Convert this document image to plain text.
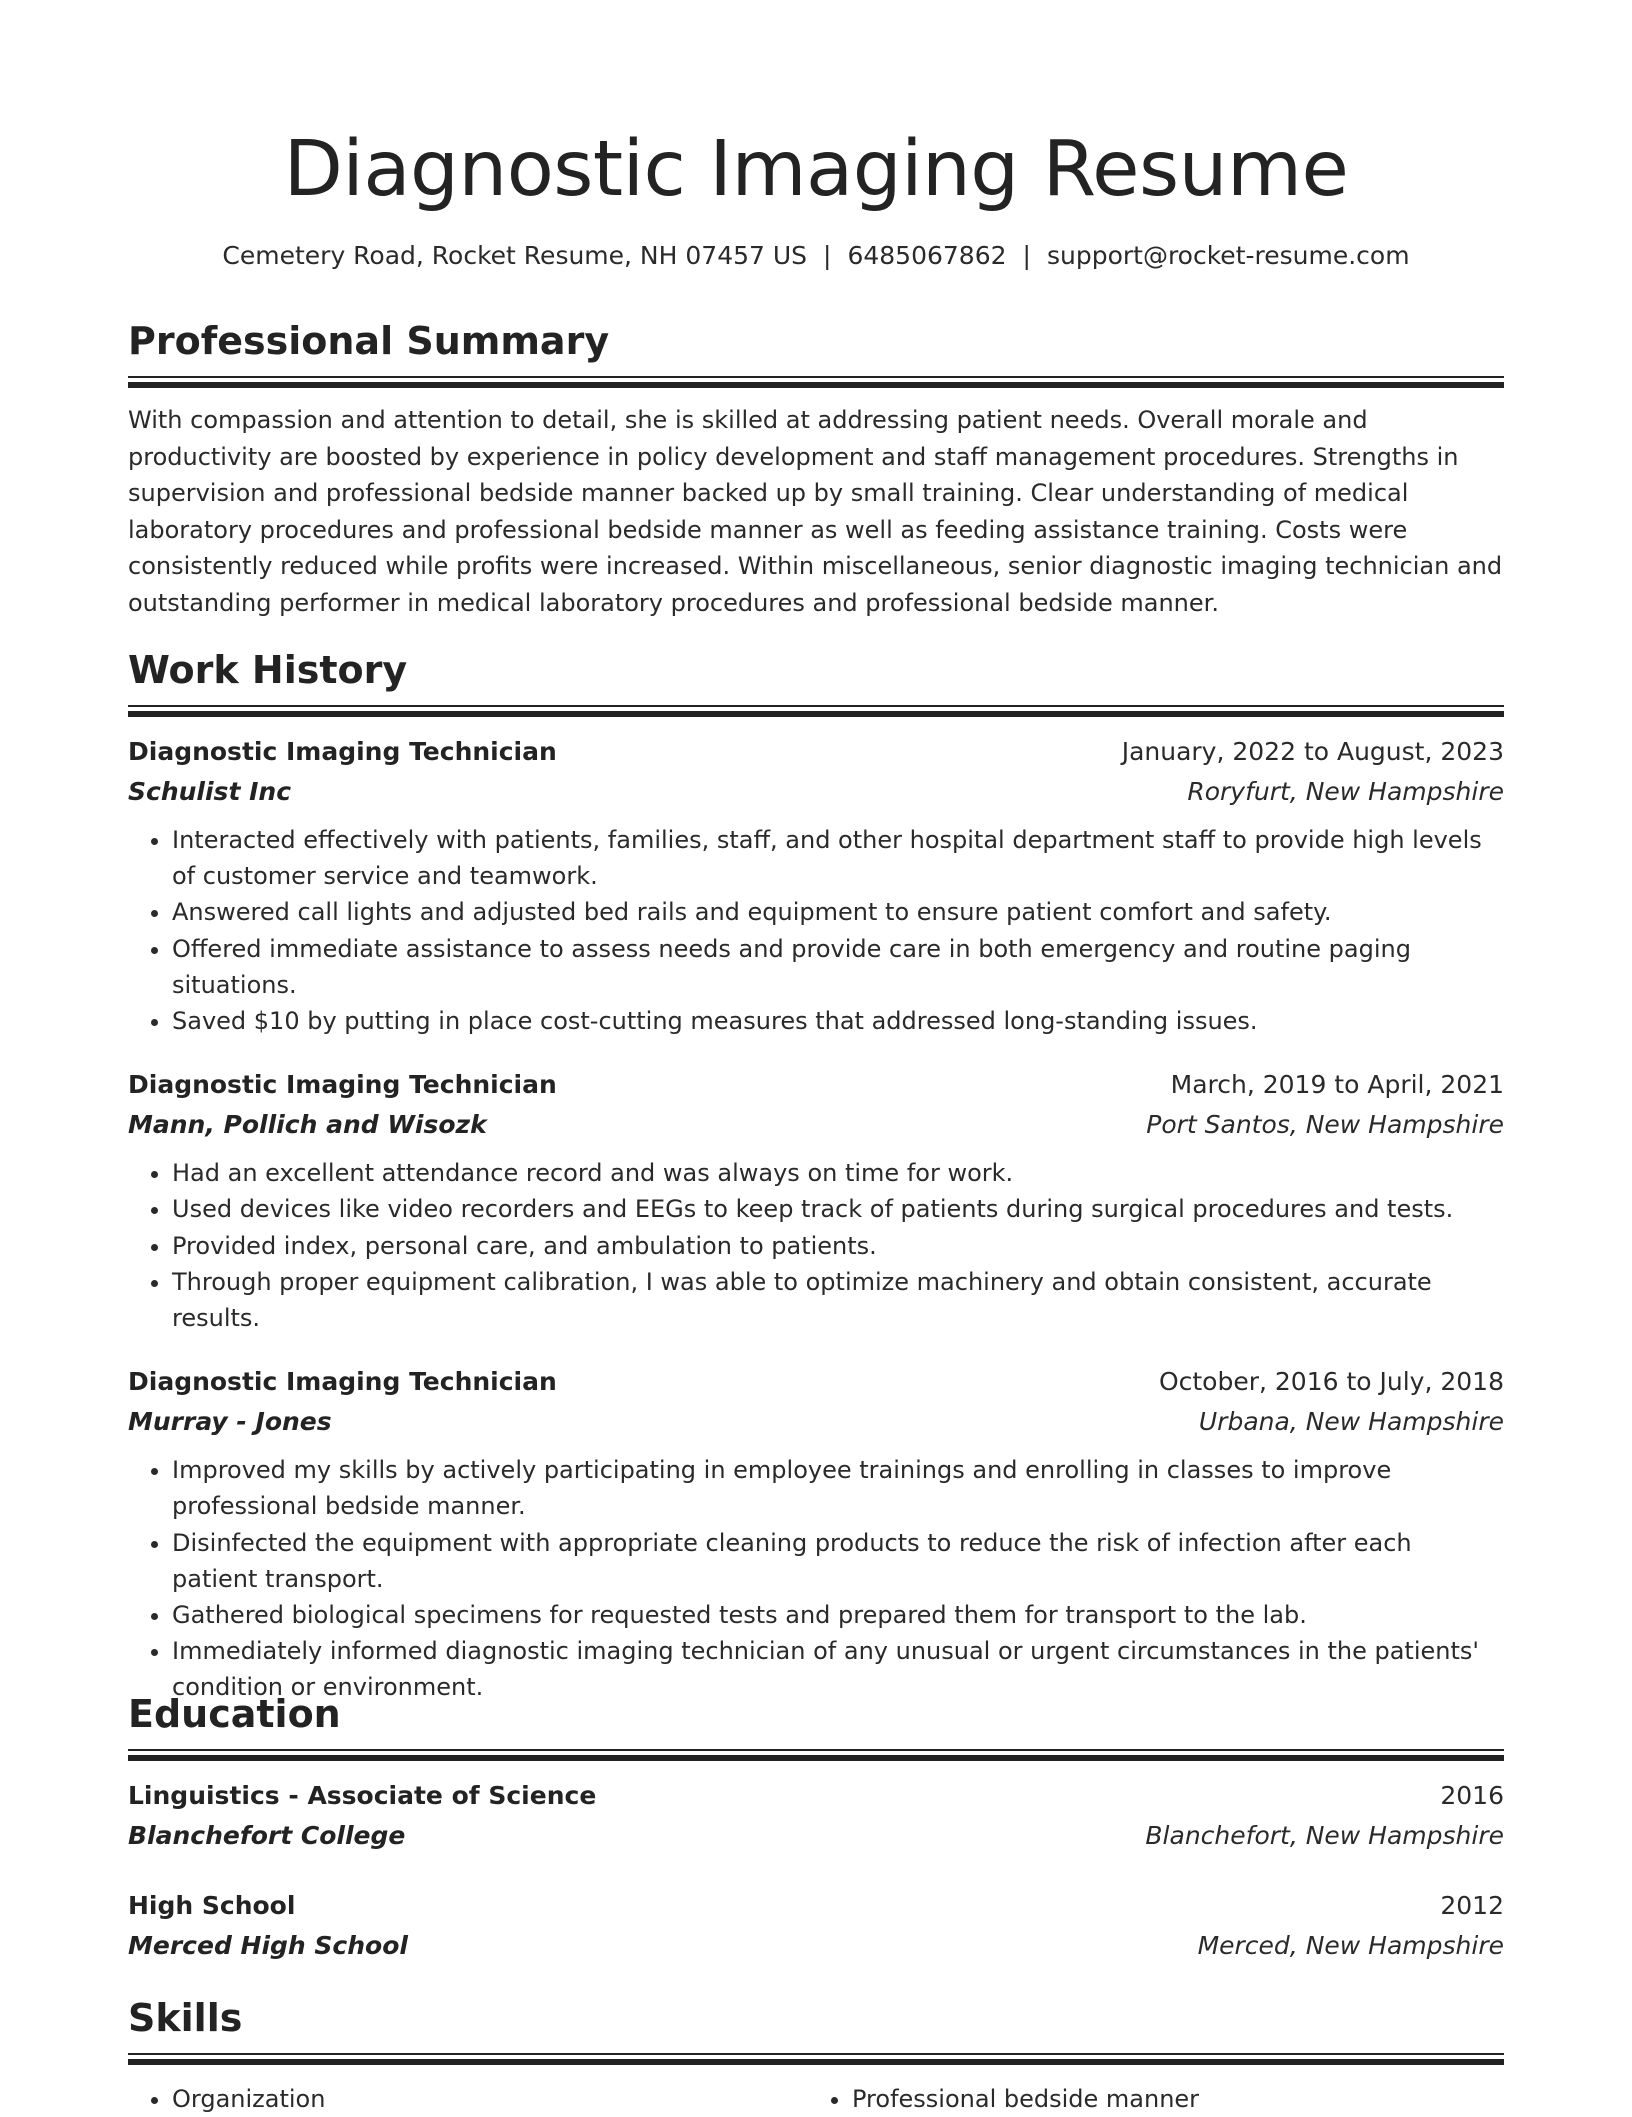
Diagnostic Imaging Resume
Cemetery Road, Rocket Resume, NH 07457 US | 6485067862 | support@rocket-resume.com
Professional Summary

With compassion and attention to detail, she is skilled at addressing patient needs. Overall morale and productivity are boosted by experience in policy development and staff management procedures. Strengths in supervision and professional bedside manner backed up by small training. Clear understanding of medical laboratory procedures and professional bedside manner as well as feeding assistance training. Costs were consistently reduced while profits were increased. Within miscellaneous, senior diagnostic imaging technician and outstanding performer in medical laboratory procedures and professional bedside manner.

Work History
Diagnostic Imaging Technician	January, 2022 to August, 2023
Schulist Inc	Roryfurt, New Hampshire
• Interacted effectively with patients, families, staff, and other hospital department staff to provide high levels of customer service and teamwork.
• Answered call lights and adjusted bed rails and equipment to ensure patient comfort and safety.
• Offered immediate assistance to assess needs and provide care in both emergency and routine paging situations.
• Saved $10 by putting in place cost-cutting measures that addressed long-standing issues.
Diagnostic Imaging Technician	March, 2019 to April, 2021
Mann, Pollich and Wisozk	Port Santos, New Hampshire
• Had an excellent attendance record and was always on time for work.
• Used devices like video recorders and EEGs to keep track of patients during surgical procedures and tests.
• Provided index, personal care, and ambulation to patients.
• Through proper equipment calibration, I was able to optimize machinery and obtain consistent, accurate results.
Diagnostic Imaging Technician	October, 2016 to July, 2018
Murray - Jones	Urbana, New Hampshire
• Improved my skills by actively participating in employee trainings and enrolling in classes to improve professional bedside manner.
• Disinfected the equipment with appropriate cleaning products to reduce the risk of infection after each patient transport.
• Gathered biological specimens for requested tests and prepared them for transport to the lab.
• Immediately informed diagnostic imaging technician of any unusual or urgent circumstances in the patients' condition or environment.
Education
Linguistics - Associate of Science	2016
Blanchefort College	Blanchefort, New Hampshire
High School	2012
Merced High School	Merced, New Hampshire
Skills
• Organization
•	Professional bedside manner
